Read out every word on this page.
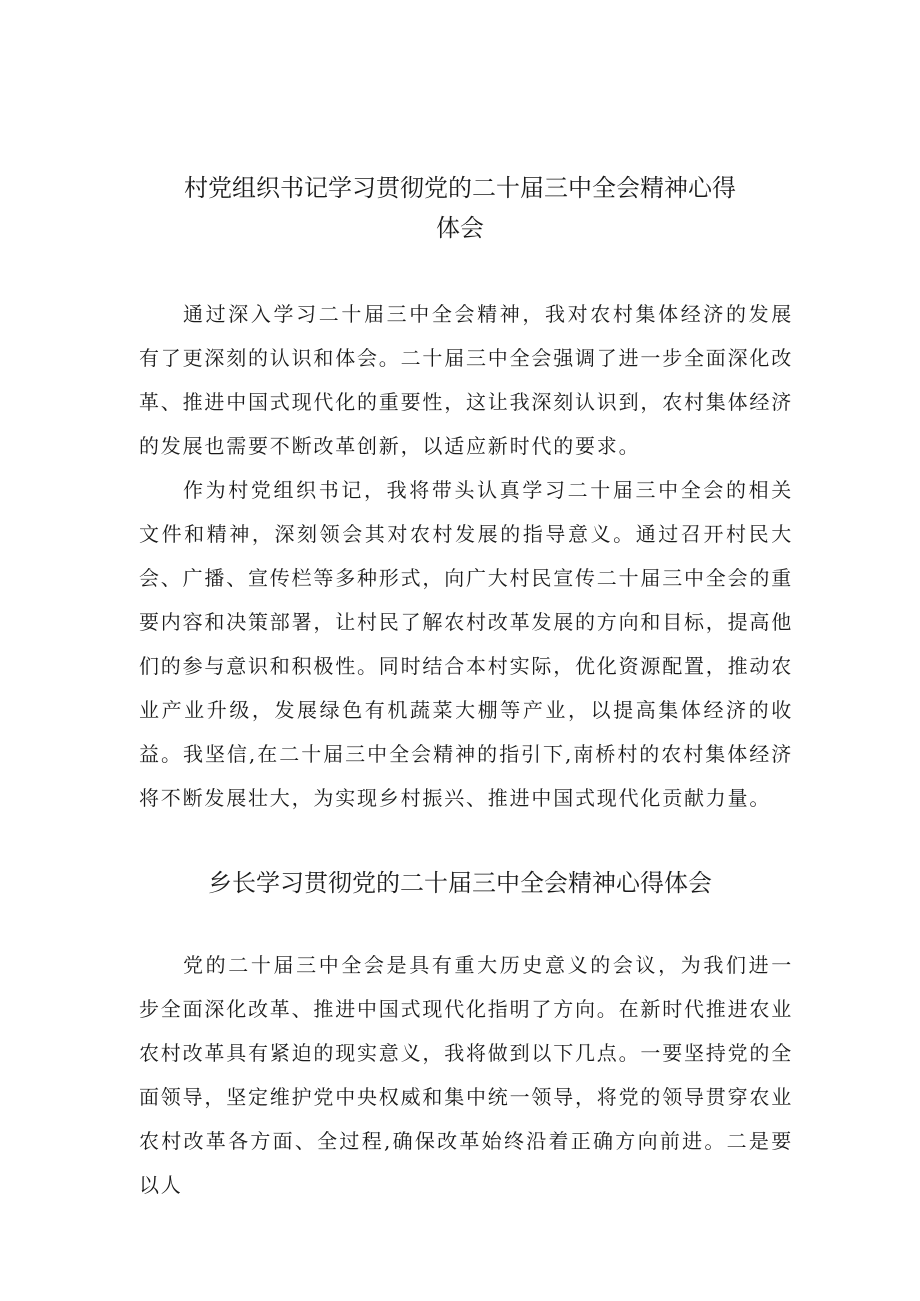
村党组织书记学习贯彻党的二十届三中全会精神心得
体会

通过深入学习二十届三中全会精神，我对农村集体经济的发展有了更深刻的认识和体会。二十届三中全会强调了进一步全面深化改革、推进中国式现代化的重要性，这让我深刻认识到，农村集体经济的发展也需要不断改革创新，以适应新时代的要求。

作为村党组织书记，我将带头认真学习二十届三中全会的相关文件和精神，深刻领会其对农村发展的指导意义。通过召开村民大会、广播、宣传栏等多种形式，向广大村民宣传二十届三中全会的重要内容和决策部署，让村民了解农村改革发展的方向和目标，提高他们的参与意识和积极性。同时结合本村实际，优化资源配置，推动农业产业升级，发展绿色有机蔬菜大棚等产业，以提高集体经济的收益。我坚信,在二十届三中全会精神的指引下,南桥村的农村集体经济将不断发展壮大，为实现乡村振兴、推进中国式现代化贡献力量。

乡长学习贯彻党的二十届三中全会精神心得体会

党的二十届三中全会是具有重大历史意义的会议，为我们进一步全面深化改革、推进中国式现代化指明了方向。在新时代推进农业农村改革具有紧迫的现实意义，我将做到以下几点。一要坚持党的全面领导，坚定维护党中央权威和集中统一领导，将党的领导贯穿农业农村改革各方面、全过程,确保改革始终沿着正确方向前进。二是要以人
